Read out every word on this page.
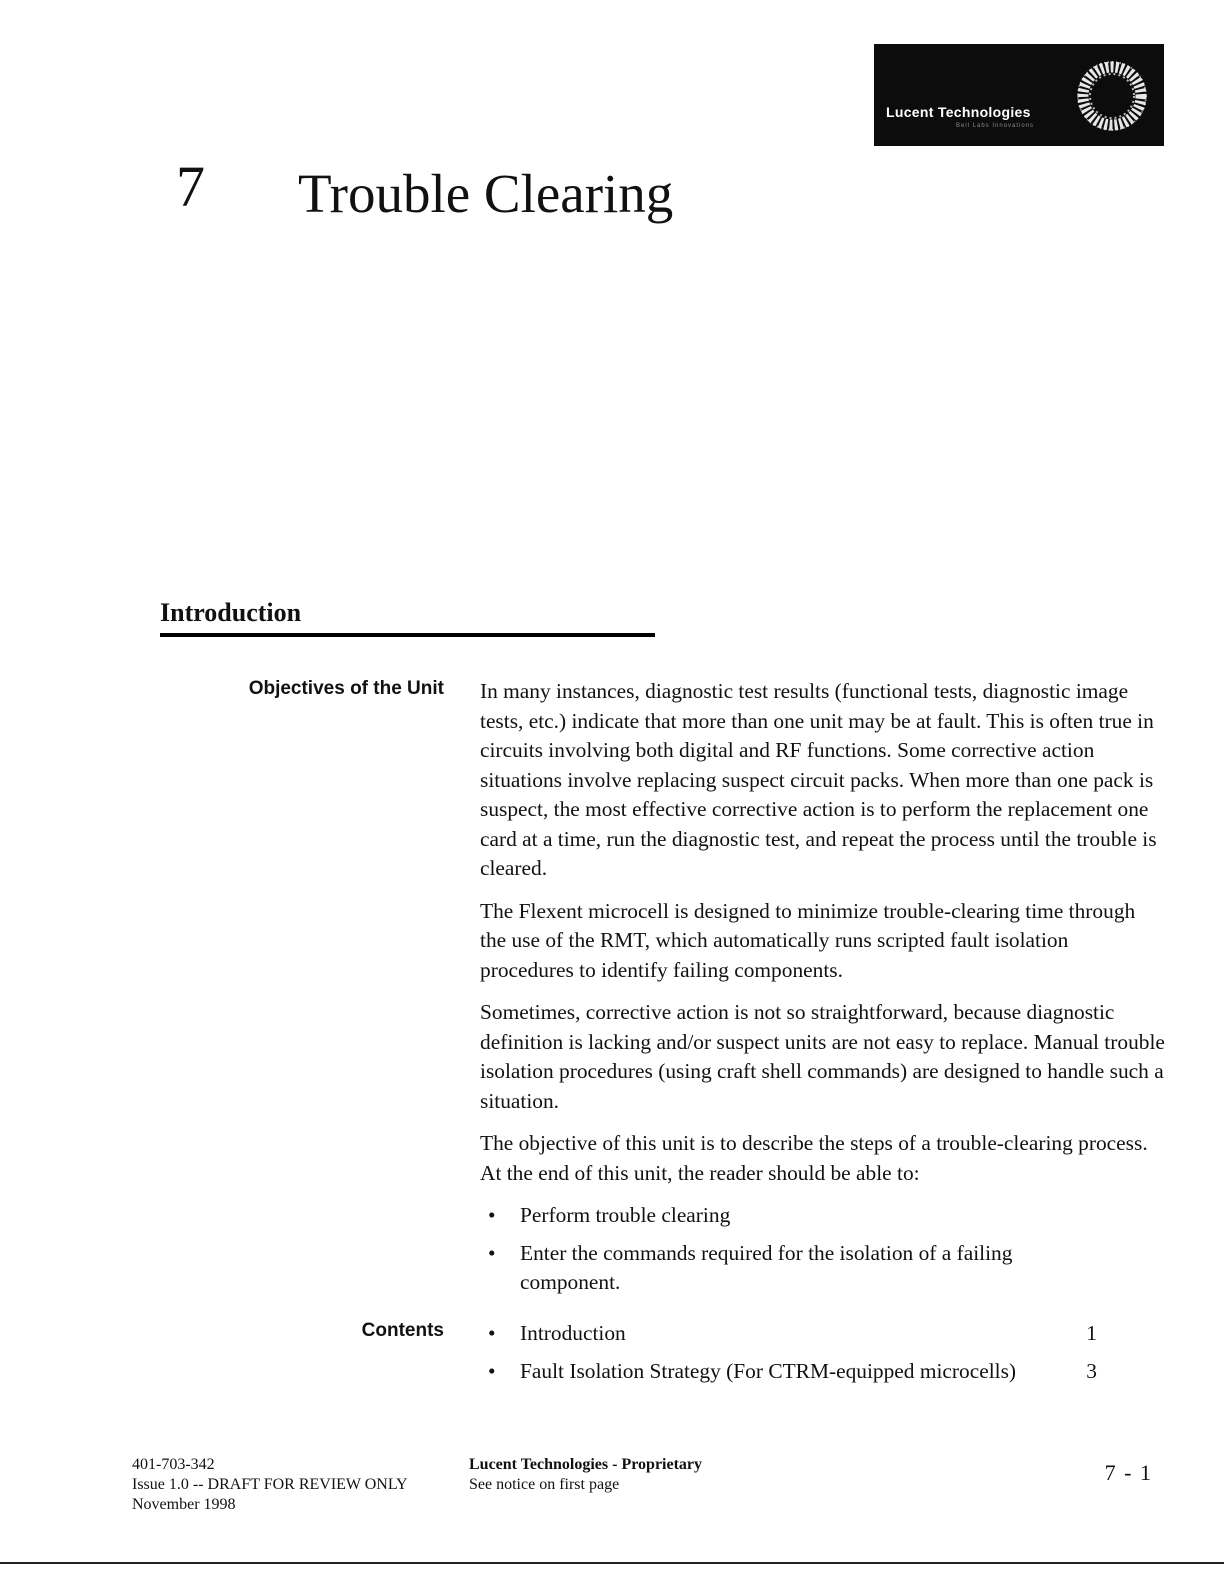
Lucent Technologies
Bell Labs Innovations
7 Trouble Clearing
Introduction
Objectives of the Unit In many instances, diagnostic test results (functional tests, diagnostic image tests, etc.) indicate that more than one unit may be at fault. This is often true in circuits involving both digital and RF functions. Some corrective action situations involve replacing suspect circuit packs. When more than one pack is suspect, the most effective corrective action is to perform the replacement one card at a time, run the diagnostic test, and repeat the process until the trouble is cleared.

The Flexent microcell is designed to minimize trouble-clearing time through the use of the RMT, which automatically runs scripted fault isolation procedures to identify failing components.

Sometimes, corrective action is not so straightforward, because diagnostic definition is lacking and/or suspect units are not easy to replace. Manual trouble isolation procedures (using craft shell commands) are designed to handle such a situation.

The objective of this unit is to describe the steps of a trouble-clearing process. At the end of this unit, the reader should be able to:

• Perform trouble clearing
• Enter the commands required for the isolation of a failing component.
Contents
•	Introduction	1
• Fault Isolation Strategy (For CTRM-equipped microcells)	3
401-703-342
Issue 1.0 -- DRAFT FOR REVIEW ONLY
November 1998
Lucent Technologies - Proprietary
See notice on first page	7 - 1
